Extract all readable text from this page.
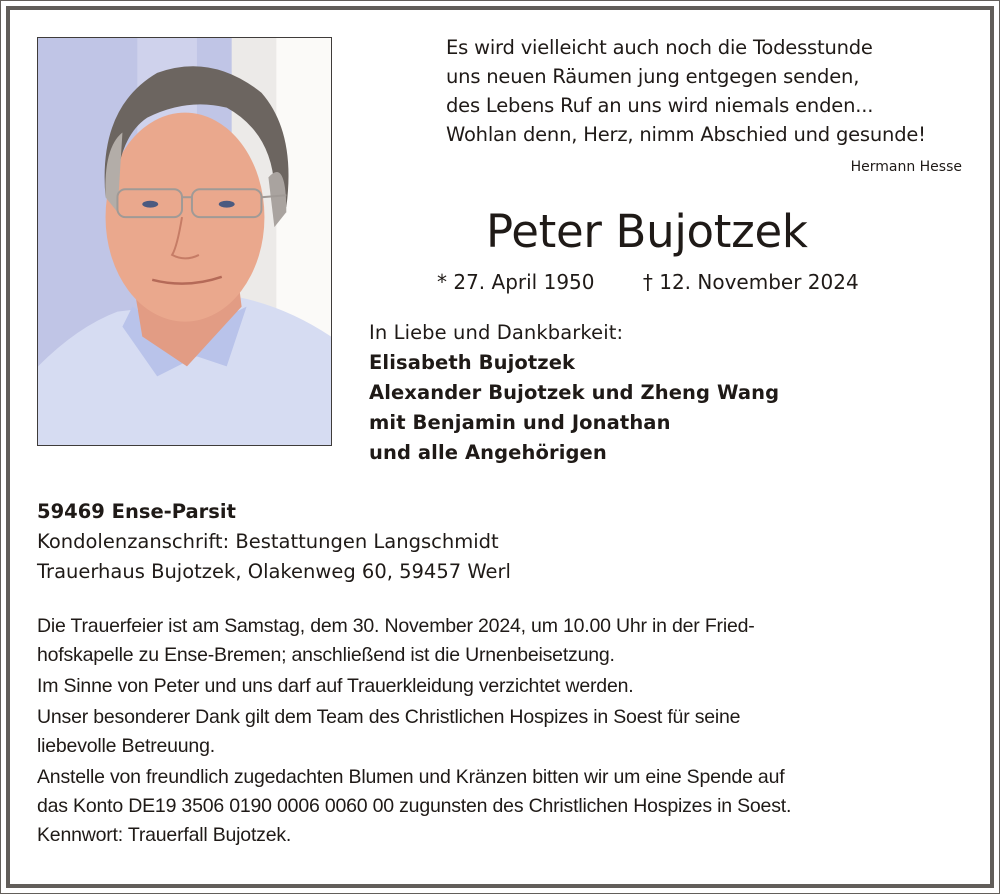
Es wird vielleicht auch noch die Todesstunde
uns neuen Räumen jung entgegen senden,
des Lebens Ruf an uns wird niemals enden...
Wohlan denn, Herz, nimm Abschied und gesunde!
Hermann Hesse
Peter Bujotzek
* 27. April 1950 † 12. November 2024
In Liebe und Dankbarkeit:
Elisabeth Bujotzek
Alexander Bujotzek und Zheng Wang
mit Benjamin und Jonathan
und alle Angehörigen
59469 Ense-Parsit
Kondolenzanschrift: Bestattungen Langschmidt
Trauerhaus Bujotzek, Olakenweg 60, 59457 Werl

Die Trauerfeier ist am Samstag, dem 30. November 2024, um 10.00 Uhr in der Fried-
hofskapelle zu Ense-Bremen; anschließend ist die Urnenbeisetzung.

Im Sinne von Peter und uns darf auf Trauerkleidung verzichtet werden.

Unser besonderer Dank gilt dem Team des Christlichen Hospizes in Soest für seine
liebevolle Betreuung.

Anstelle von freundlich zugedachten Blumen und Kränzen bitten wir um eine Spende auf
das Konto DE19 3506 0190 0006 0060 00 zugunsten des Christlichen Hospizes in Soest.
Kennwort: Trauerfall Bujotzek.
